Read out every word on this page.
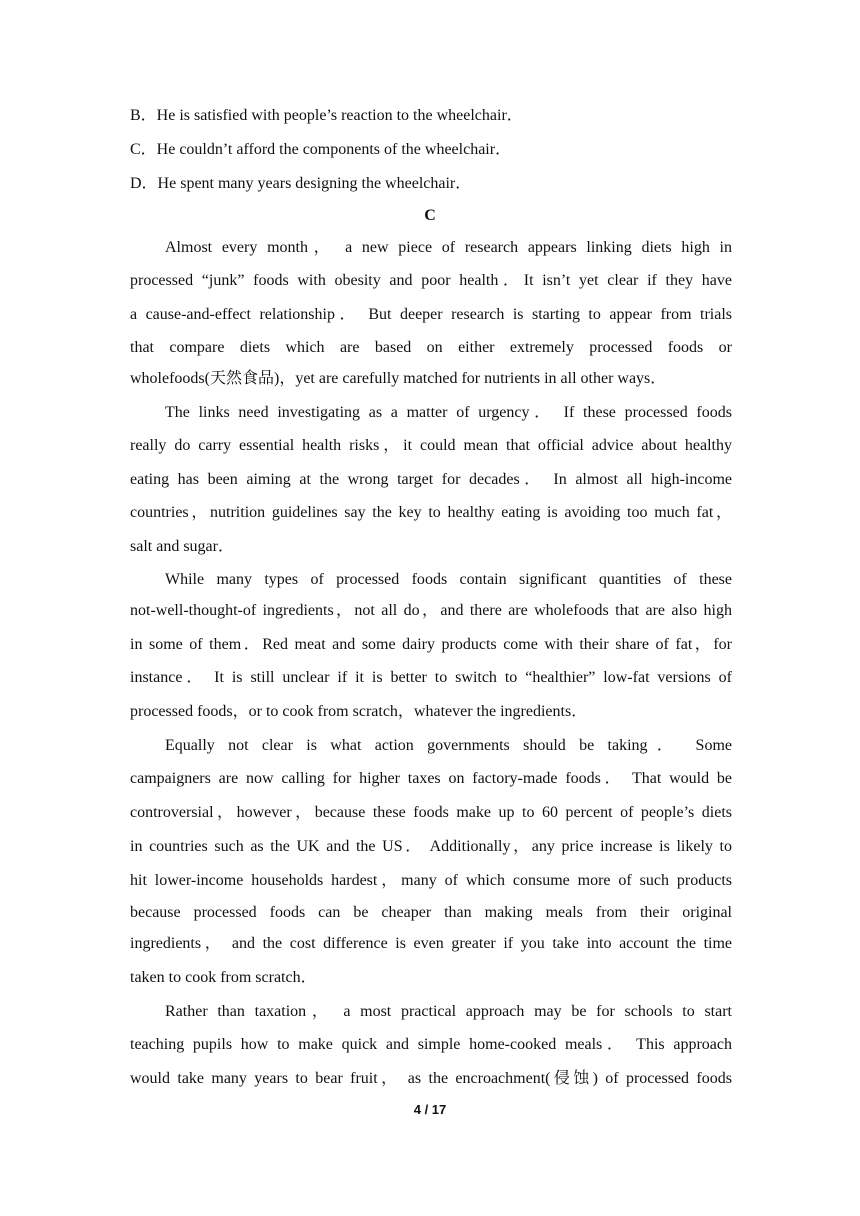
B．He is satisfied with people’s reaction to the wheelchair．
C．He couldn’t afford the components of the wheelchair．
D．He spent many years designing the wheelchair．
C
Almost every month， a new piece of research appears linking diets high in
processed “junk” foods with obesity and poor health．It isn’t yet clear if they have
a cause-and-effect relationship． But deeper research is starting to appear from trials
that compare diets which are based on either extremely processed foods or
wholefoods(天然食品)，yet are carefully matched for nutrients in all other ways．
The links need investigating as a matter of urgency． If these processed foods
really do carry essential health risks，it could mean that official advice about healthy
eating has been aiming at the wrong target for decades． In almost all high-income
countries，nutrition guidelines say the key to healthy eating is avoiding too much fat，
salt and sugar．
While many types of processed foods contain significant quantities of these
not-well-thought-of ingredients，not all do，and there are wholefoods that are also high
in some of them．Red meat and some dairy products come with their share of fat，for
instance． It is still unclear if it is better to switch to “healthier” low-fat versions of
processed foods，or to cook from scratch，whatever the ingredients．
Equally not clear is what action governments should be taking． Some
campaigners are now calling for higher taxes on factory-made foods． That would be
controversial，however，because these foods make up to 60 percent of people’s diets
in countries such as the UK and the US． Additionally，any price increase is likely to
hit lower-income households hardest，many of which consume more of such products
because processed foods can be cheaper than making meals from their original
ingredients， and the cost difference is even greater if you take into account the time
taken to cook from scratch．
Rather than taxation， a most practical approach may be for schools to start
teaching pupils how to make quick and simple home-cooked meals． This approach
would take many years to bear fruit， as the encroachment(侵蚀) of processed foods
4 / 17
